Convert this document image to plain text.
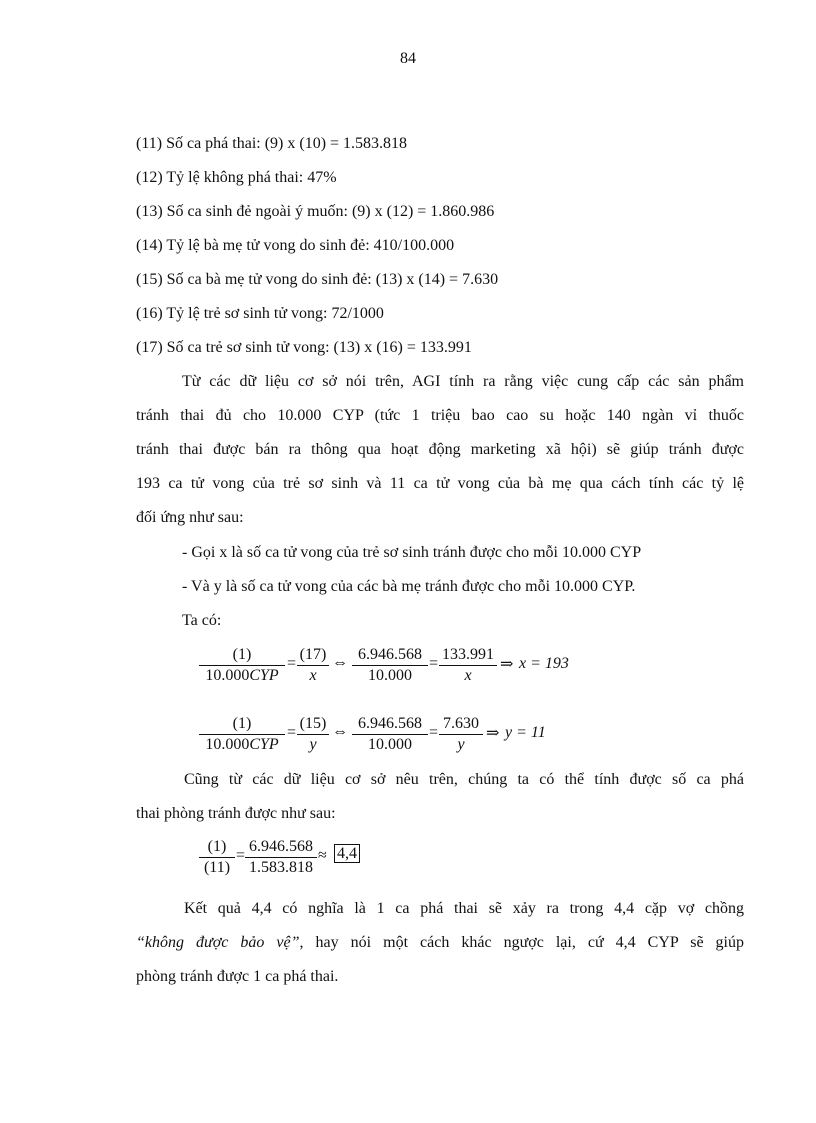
84
(11) Số ca phá thai: (9) x (10) = 1.583.818
(12) Tỷ lệ không phá thai: 47%
(13) Số ca sinh đẻ ngoài ý muốn: (9) x (12) = 1.860.986
(14) Tỷ lệ bà mẹ tử vong do sinh đẻ: 410/100.000
(15) Số ca bà mẹ tử vong do sinh đẻ: (13) x (14) = 7.630
(16) Tỷ lệ trẻ sơ sinh tử vong: 72/1000
(17) Số ca trẻ sơ sinh tử vong: (13) x (16) = 133.991
Từ các dữ liệu cơ sở nói trên, AGI tính ra rằng việc cung cấp các sản phẩm
tránh thai đủ cho 10.000 CYP (tức 1 triệu bao cao su hoặc 140 ngàn vỉ thuốc
tránh thai được bán ra thông qua hoạt động marketing xã hội) sẽ giúp tránh được
193 ca tử vong của trẻ sơ sinh và 11 ca tử vong của bà mẹ qua cách tính các tỷ lệ
đối ứng như sau:
- Gọi x là số ca tử vong của trẻ sơ sinh tránh được cho mỗi 10.000 CYP
- Và y là số ca tử vong của các bà mẹ tránh được cho mỗi 10.000 CYP.
Ta có:
(1)
10.000CYP
=
(17)
x
⇔ 6.946.568
10.000
=
133.991
x
⇒ x = 193
(1)
10.000CYP
=
(15)
y
⇔ 6.946.568
10.000
=
7.630
y
⇒ y = 11
Cũng từ các dữ liệu cơ sở nêu trên, chúng ta có thể tính được số ca phá
thai phòng tránh được như sau:
(1)
(11)
=
6.946.568
1.583.818
≈ 4,4
Kết quả 4,4 có nghĩa là 1 ca phá thai sẽ xảy ra trong 4,4 cặp vợ chồng
“không được bảo vệ”, hay nói một cách khác ngược lại, cứ 4,4 CYP sẽ giúp
phòng tránh được 1 ca phá thai.
